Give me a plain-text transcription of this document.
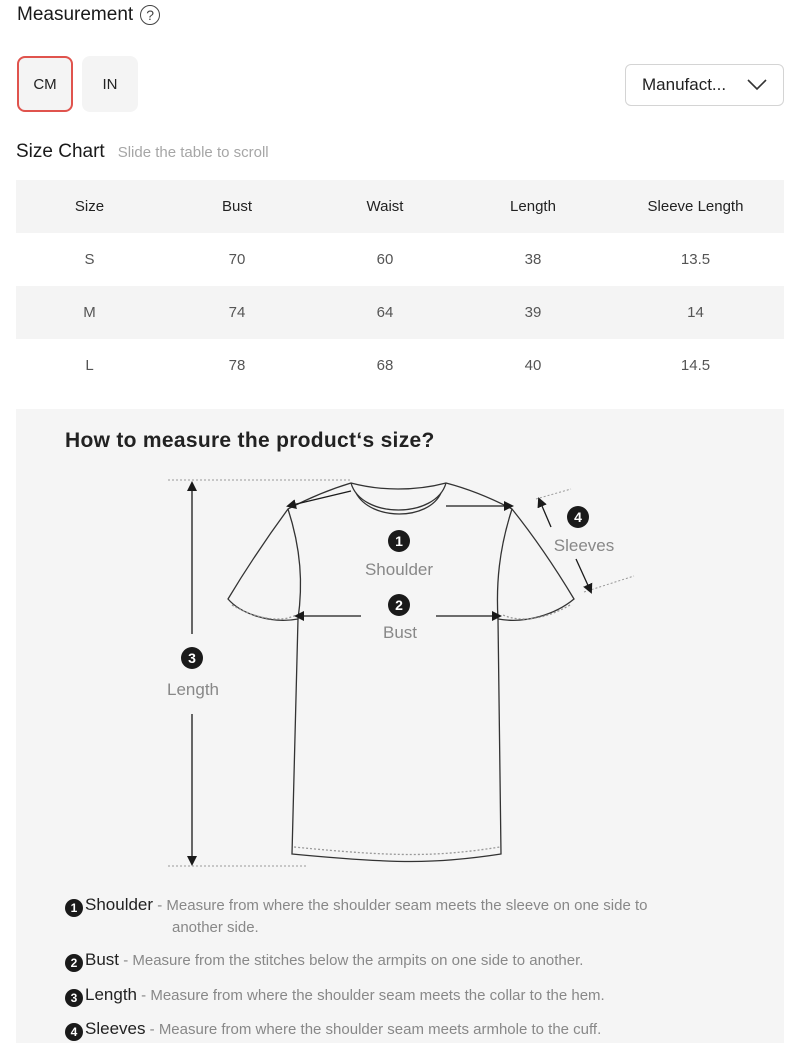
Measurement ?
CM	IN	Manufact...
Size Chart Slide the table to scroll
Size	Bust	Waist	Length	Sleeve Length
S	70	60	38	13.5
M	74	64	39	14
L	78	68	40	14.5
How to measure the product‘s size?
1
Shoulder
2
Bust
3
Length
4
Sleeves
1 Shoulder - Measure from where the shoulder seam meets the sleeve on one side to
another side.
2 Bust - Measure from the stitches below the armpits on one side to another.
3 Length - Measure from where the shoulder seam meets the collar to the hem.
4 Sleeves - Measure from where the shoulder seam meets armhole to the cuff.
